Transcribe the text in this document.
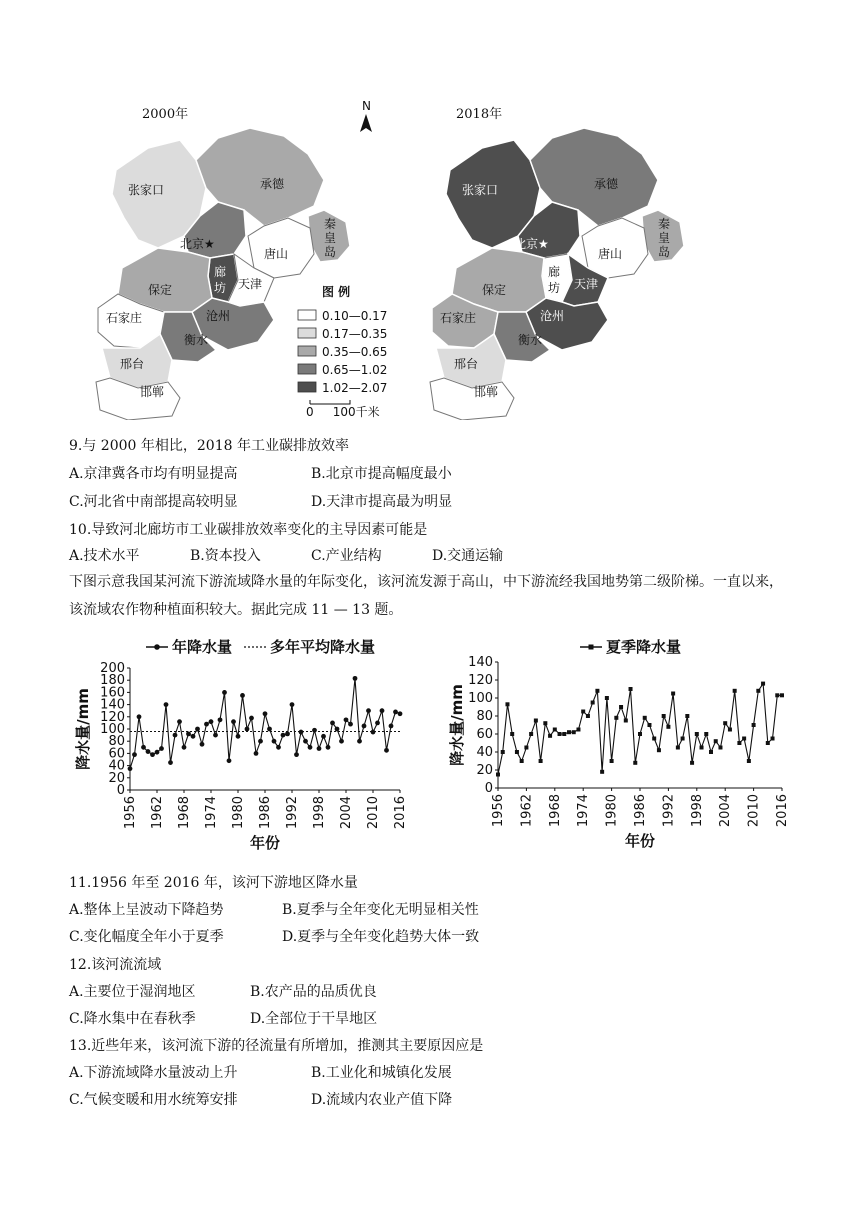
2000年
张家口	承德
秦
皇
岛
北京★
唐山
廊
坊 天津
保定
石家庄	沧州
衡水
邢台
邯郸
N
图 例
0.10—0.17
0.17—0.35
0.35—0.65
0.65—1.02
1.02—2.07
0     100千米
2018年
张家口	承德
秦
皇
岛
北京★
唐山
廊
坊 天津
保定
石家庄	沧州
衡水
邢台
邯郸
9.与 2000 年相比，2018 年工业碳排放效率
A.京津冀各市均有明显提高	B.北京市提高幅度最小
C.河北省中南部提高较明显	D.天津市提高最为明显
10.导致河北廊坊市工业碳排放效率变化的主导因素可能是
A.技术水平	B.资本投入	C.产业结构	D.交通运输
下图示意我国某河流下游流域降水量的年际变化，该河流发源于高山，中下游流经我国地势第二级阶梯。一直以来，该流域农作物种植面积较大。据此完成 11 — 13 题。
年降水量	多年平均降水量
0
20
40
60
80
100
120
140
160
180
200
1956 1962 1968 1974 1980 1986 1992 1998 2004 2010 2016
降水量/mm
年份
夏季降水量
0
20
40
60
80
100
120
140
1956 1962 1968 1974 1980 1986 1992 1998 2004 2010 2016
降水量/mm
年份
11.1956 年至 2016 年，该河下游地区降水量
A.整体上呈波动下降趋势	B.夏季与全年变化无明显相关性
C.变化幅度全年小于夏季	D.夏季与全年变化趋势大体一致
12.该河流流域
A.主要位于湿润地区	B.农产品的品质优良
C.降水集中在春秋季	D.全部位于干旱地区
13.近些年来，该河流下游的径流量有所增加，推测其主要原因应是
A.下游流域降水量波动上升	B.工业化和城镇化发展
C.气候变暖和用水统筹安排	D.流域内农业产值下降
